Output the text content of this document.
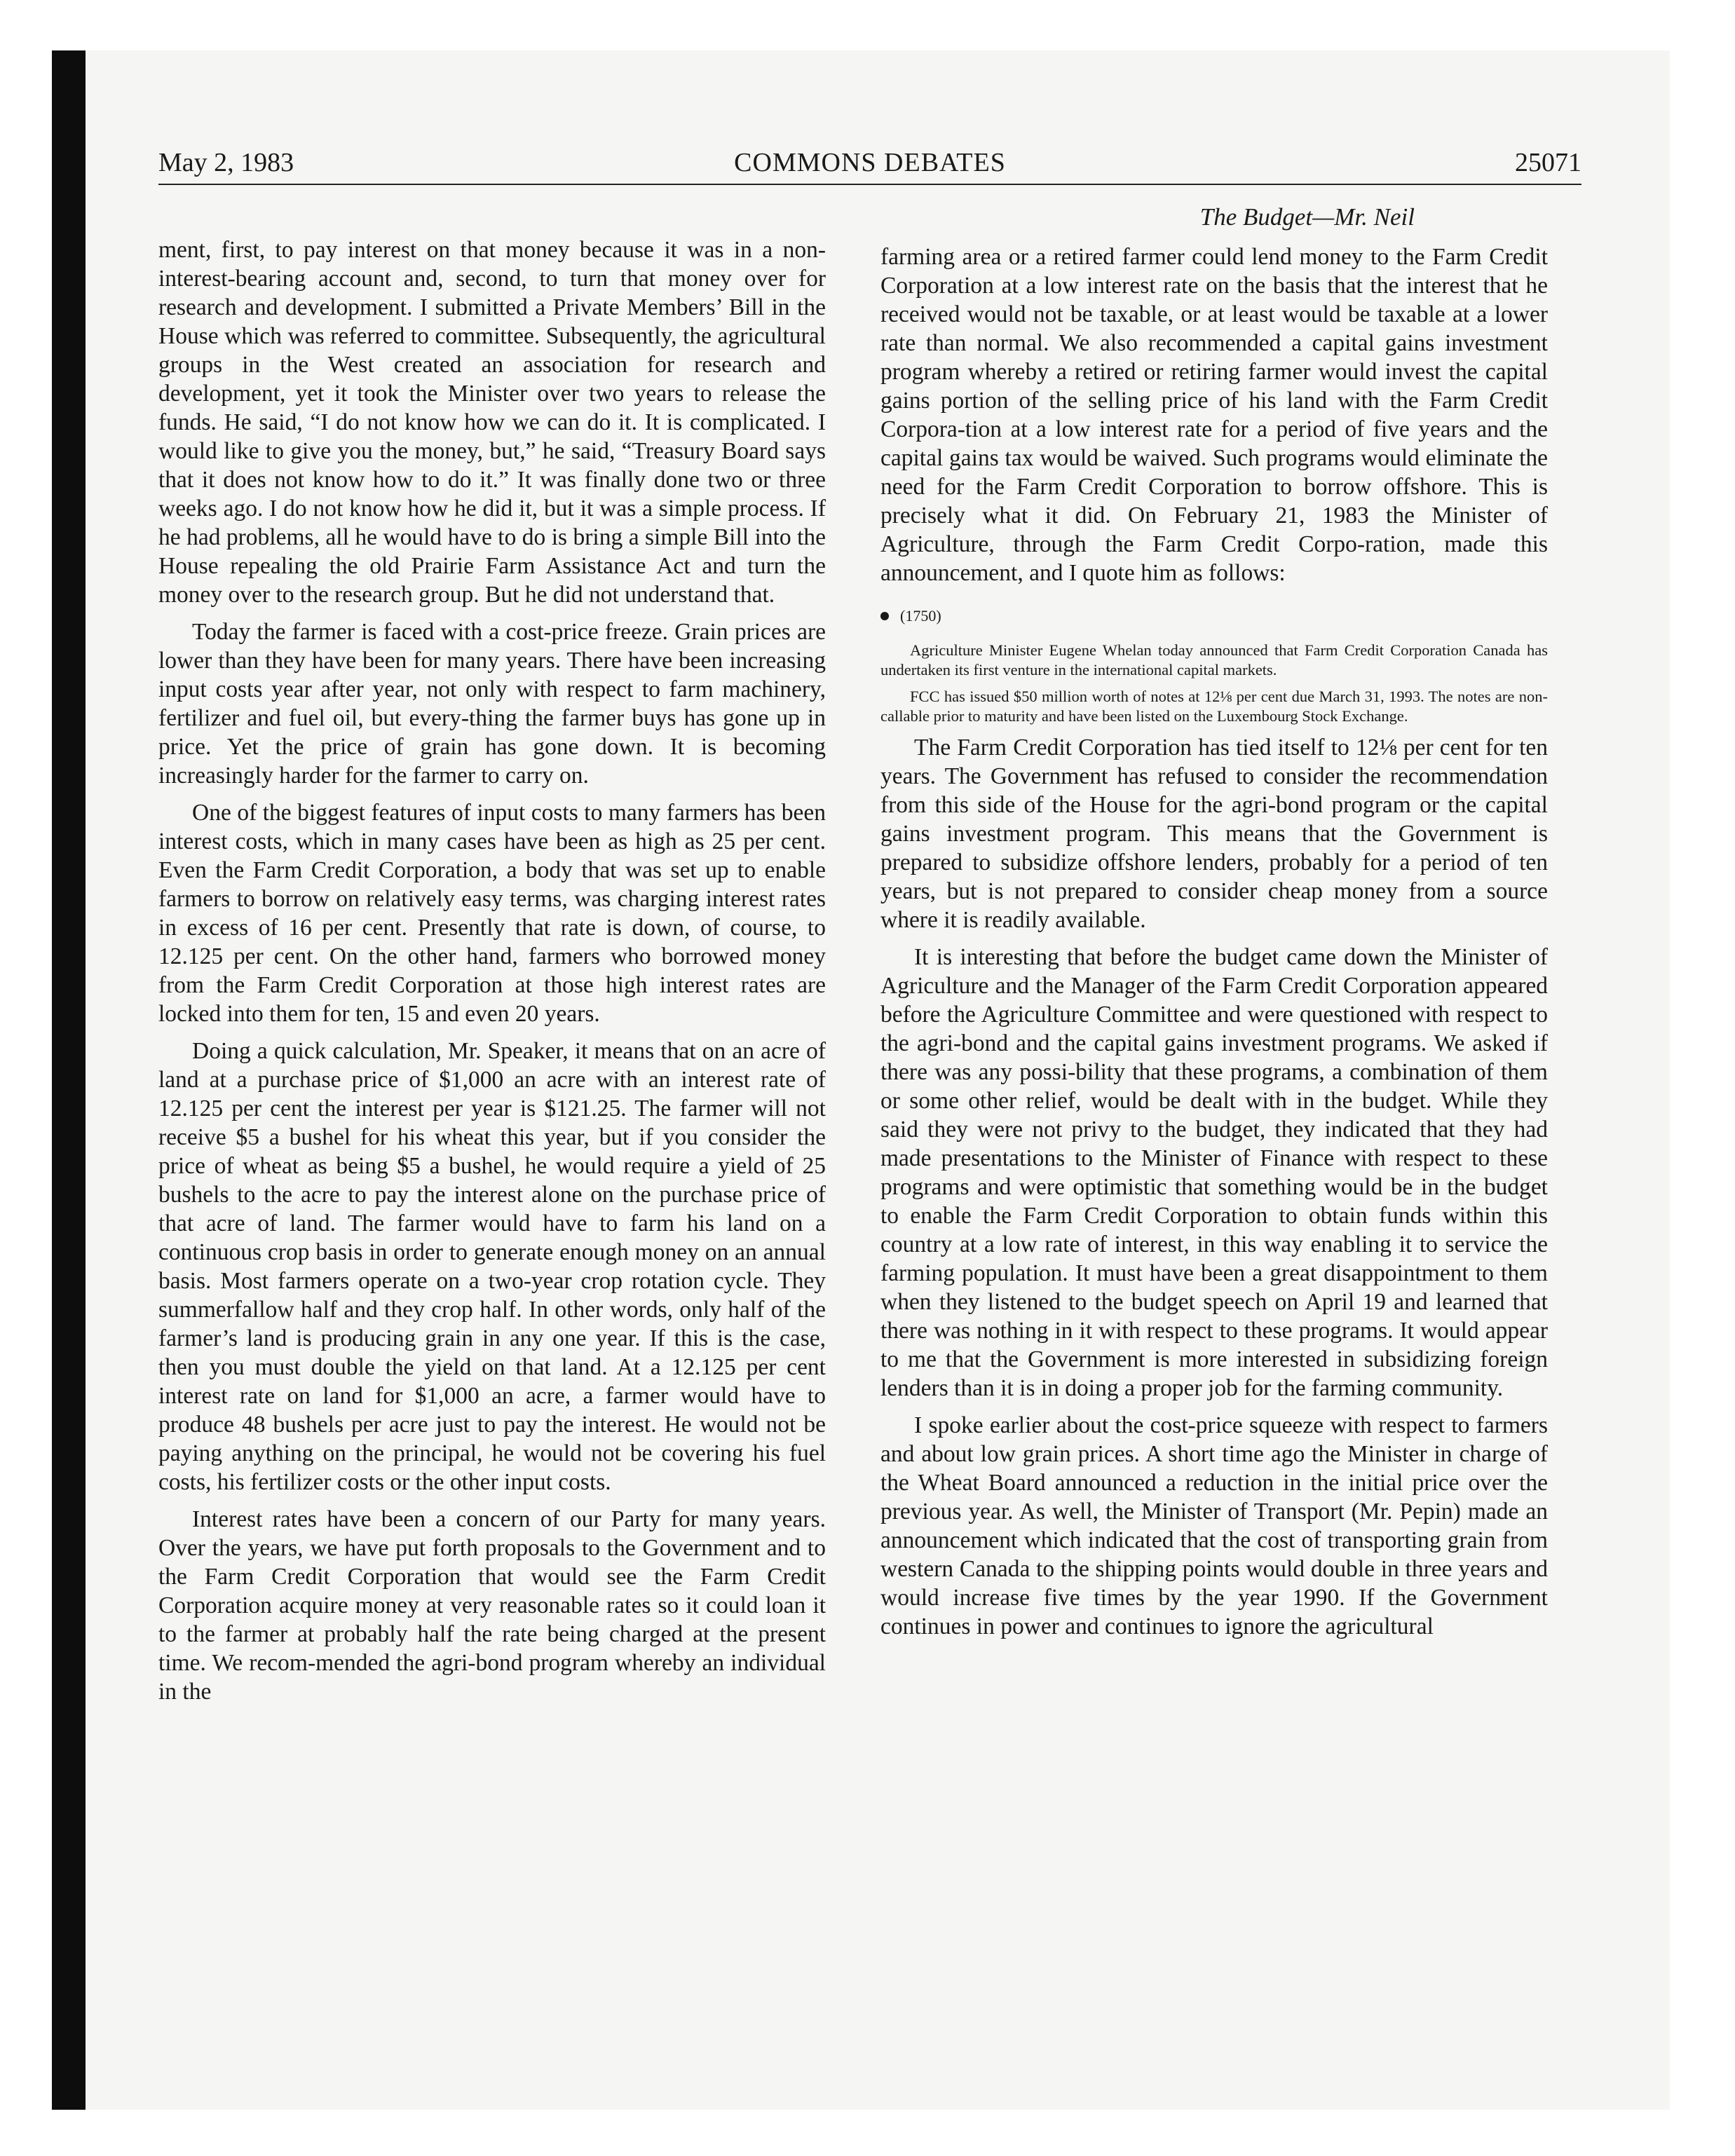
May 2, 1983	COMMONS DEBATES	25071
The Budget—Mr. Neil

ment, first, to pay interest on that money because it was in a non-interest-bearing account and, second, to turn that money over for research and development. I submitted a Private Members’ Bill in the House which was referred to committee. Subsequently, the agricultural groups in the West created an association for research and development, yet it took the Minister over two years to release the funds. He said, “I do not know how we can do it. It is complicated. I would like to give you the money, but,” he said, “Treasury Board says that it does not know how to do it.” It was finally done two or three weeks ago. I do not know how he did it, but it was a simple process. If he had problems, all he would have to do is bring a simple Bill into the House repealing the old Prairie Farm Assistance Act and turn the money over to the research group. But he did not understand that.

Today the farmer is faced with a cost-price freeze. Grain prices are lower than they have been for many years. There have been increasing input costs year after year, not only with respect to farm machinery, fertilizer and fuel oil, but every-thing the farmer buys has gone up in price. Yet the price of grain has gone down. It is becoming increasingly harder for the farmer to carry on.

One of the biggest features of input costs to many farmers has been interest costs, which in many cases have been as high as 25 per cent. Even the Farm Credit Corporation, a body that was set up to enable farmers to borrow on relatively easy terms, was charging interest rates in excess of 16 per cent. Presently that rate is down, of course, to 12.125 per cent. On the other hand, farmers who borrowed money from the Farm Credit Corporation at those high interest rates are locked into them for ten, 15 and even 20 years.

Doing a quick calculation, Mr. Speaker, it means that on an acre of land at a purchase price of $1,000 an acre with an interest rate of 12.125 per cent the interest per year is $121.25. The farmer will not receive $5 a bushel for his wheat this year, but if you consider the price of wheat as being $5 a bushel, he would require a yield of 25 bushels to the acre to pay the interest alone on the purchase price of that acre of land. The farmer would have to farm his land on a continuous crop basis in order to generate enough money on an annual basis. Most farmers operate on a two-year crop rotation cycle. They summerfallow half and they crop half. In other words, only half of the farmer’s land is producing grain in any one year. If this is the case, then you must double the yield on that land. At a 12.125 per cent interest rate on land for $1,000 an acre, a farmer would have to produce 48 bushels per acre just to pay the interest. He would not be paying anything on the principal, he would not be covering his fuel costs, his fertilizer costs or the other input costs.

Interest rates have been a concern of our Party for many years. Over the years, we have put forth proposals to the Government and to the Farm Credit Corporation that would see the Farm Credit Corporation acquire money at very reasonable rates so it could loan it to the farmer at probably half the rate being charged at the present time. We recom-mended the agri-bond program whereby an individual in the

farming area or a retired farmer could lend money to the Farm Credit Corporation at a low interest rate on the basis that the interest that he received would not be taxable, or at least would be taxable at a lower rate than normal. We also recommended a capital gains investment program whereby a retired or retiring farmer would invest the capital gains portion of the selling price of his land with the Farm Credit Corpora-tion at a low interest rate for a period of five years and the capital gains tax would be waived. Such programs would eliminate the need for the Farm Credit Corporation to borrow offshore. This is precisely what it did. On February 21, 1983 the Minister of Agriculture, through the Farm Credit Corpo-ration, made this announcement, and I quote him as follows:

(1750)

Agriculture Minister Eugene Whelan today announced that Farm Credit Corporation Canada has undertaken its first venture in the international capital markets.

FCC has issued $50 million worth of notes at 12⅛ per cent due March 31, 1993. The notes are non-callable prior to maturity and have been listed on the Luxembourg Stock Exchange.

The Farm Credit Corporation has tied itself to 12⅛ per cent for ten years. The Government has refused to consider the recommendation from this side of the House for the agri-bond program or the capital gains investment program. This means that the Government is prepared to subsidize offshore lenders, probably for a period of ten years, but is not prepared to consider cheap money from a source where it is readily available.

It is interesting that before the budget came down the Minister of Agriculture and the Manager of the Farm Credit Corporation appeared before the Agriculture Committee and were questioned with respect to the agri-bond and the capital gains investment programs. We asked if there was any possi-bility that these programs, a combination of them or some other relief, would be dealt with in the budget. While they said they were not privy to the budget, they indicated that they had made presentations to the Minister of Finance with respect to these programs and were optimistic that something would be in the budget to enable the Farm Credit Corporation to obtain funds within this country at a low rate of interest, in this way enabling it to service the farming population. It must have been a great disappointment to them when they listened to the budget speech on April 19 and learned that there was nothing in it with respect to these programs. It would appear to me that the Government is more interested in subsidizing foreign lenders than it is in doing a proper job for the farming community.

I spoke earlier about the cost-price squeeze with respect to farmers and about low grain prices. A short time ago the Minister in charge of the Wheat Board announced a reduction in the initial price over the previous year. As well, the Minister of Transport (Mr. Pepin) made an announcement which indicated that the cost of transporting grain from western Canada to the shipping points would double in three years and would increase five times by the year 1990. If the Government continues in power and continues to ignore the agricultural
